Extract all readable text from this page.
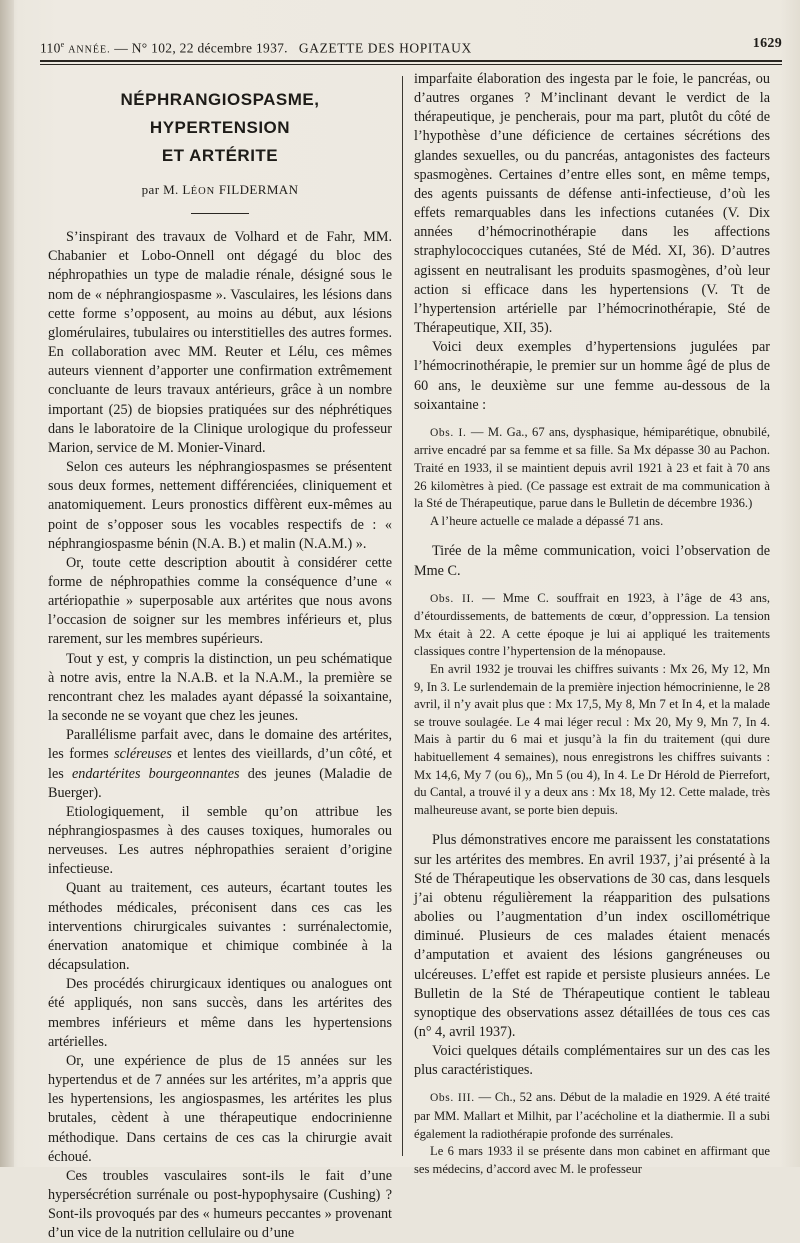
110e ANNÉE. — N° 102, 22 décembre 1937. GAZETTE DES HOPITAUX	1629
NÉPHRANGIOSPASME, HYPERTENSION
ET ARTÉRITE
par M. LÉON FILDERMAN

S’inspirant des travaux de Volhard et de Fahr, MM. Chabanier et Lobo-Onnell ont dégagé du bloc des néphropathies un type de maladie rénale, désigné sous le nom de « néphrangiospasme ». Vasculaires, les lésions dans cette forme s’opposent, au moins au début, aux lésions glomérulaires, tubulaires ou interstitielles des autres formes. En collaboration avec MM. Reuter et Lélu, ces mêmes auteurs viennent d’apporter une confirmation extrêmement concluante de leurs travaux antérieurs, grâce à un nombre important (25) de biopsies pratiquées sur des néphrétiques dans le laboratoire de la Clinique urologique du professeur Marion, service de M. Monier-Vinard.

Selon ces auteurs les néphrangiospasmes se présentent sous deux formes, nettement différenciées, cliniquement et anatomiquement. Leurs pronostics diffèrent eux-mêmes au point de s’opposer sous les vocables respectifs de : « néphrangiospasme bénin (N.A. B.) et malin (N.A.M.) ».

Or, toute cette description aboutit à considérer cette forme de néphropathies comme la conséquence d’une « artériopathie » superposable aux artérites que nous avons l’occasion de soigner sur les membres inférieurs et, plus rarement, sur les membres supérieurs.

Tout y est, y compris la distinction, un peu schématique à notre avis, entre la N.A.B. et la N.A.M., la première se rencontrant chez les malades ayant dépassé la soixantaine, la seconde ne se voyant que chez les jeunes.

Parallélisme parfait avec, dans le domaine des artérites, les formes scléreuses et lentes des vieillards, d’un côté, et les endartérites bourgeonnantes des jeunes (Maladie de Buerger).

Etiologiquement, il semble qu’on attribue les néphrangiospasmes à des causes toxiques, humorales ou nerveuses. Les autres néphropathies seraient d’origine infectieuse.

Quant au traitement, ces auteurs, écartant toutes les méthodes médicales, préconisent dans ces cas les interventions chirurgicales suivantes : surrénalectomie, énervation anatomique et chimique combinée à la décapsulation.

Des procédés chirurgicaux identiques ou analogues ont été appliqués, non sans succès, dans les artérites des membres inférieurs et même dans les hypertensions artérielles.

Or, une expérience de plus de 15 années sur les hypertendus et de 7 années sur les artérites, m’a appris que les hypertensions, les angiospasmes, les artérites les plus brutales, cèdent à une thérapeutique endocrinienne méthodique. Dans certains de ces cas la chirurgie avait échoué.

Ces troubles vasculaires sont-ils le fait d’une hypersécrétion surrénale ou post-hypophysaire (Cushing) ? Sont-ils provoqués par des « humeurs peccantes » provenant d’un vice de la nutrition cellulaire ou d’une

imparfaite élaboration des ingesta par le foie, le pancréas, ou d’autres organes ? M’inclinant devant le verdict de la thérapeutique, je pencherais, pour ma part, plutôt du côté de l’hypothèse d’une déficience de certaines sécrétions des glandes sexuelles, ou du pancréas, antagonistes des facteurs spasmogènes. Certaines d’entre elles sont, en même temps, des agents puissants de défense anti-infectieuse, d’où les effets remarquables dans les infections cutanées (V. Dix années d’hémocrinothérapie dans les affections straphylococciques cutanées, Sté de Méd. XI, 36). D’autres agissent en neutralisant les produits spasmogènes, d’où leur action si efficace dans les hypertensions (V. Tt de l’hypertension artérielle par l’hémocrinothérapie, Sté de Thérapeutique, XII, 35).

Voici deux exemples d’hypertensions jugulées par l’hémocrinothérapie, le premier sur un homme âgé de plus de 60 ans, le deuxième sur une femme au-dessous de la soixantaine :

Obs. I. — M. Ga., 67 ans, dysphasique, hémiparétique, obnubilé, arrive encadré par sa femme et sa fille. Sa Mx dépasse 30 au Pachon. Traité en 1933, il se maintient depuis avril 1921 à 23 et fait à 70 ans 26 kilomètres à pied. (Ce passage est extrait de ma communication à la Sté de Thérapeutique, parue dans le Bulletin de décembre 1936.)

A l’heure actuelle ce malade a dépassé 71 ans.

Tirée de la même communication, voici l’observation de Mme C.

Obs. II. — Mme C. souffrait en 1923, à l’âge de 43 ans, d’étourdissements, de battements de cœur, d’oppression. La tension Mx était à 22. A cette époque je lui ai appliqué les traitements classiques contre l’hypertension de la ménopause.

En avril 1932 je trouvai les chiffres suivants : Mx 26, My 12, Mn 9, In 3. Le surlendemain de la première injection hémocrinienne, le 28 avril, il n’y avait plus que : Mx 17,5, My 8, Mn 7 et In 4, et la malade se trouve soulagée. Le 4 mai léger recul : Mx 20, My 9, Mn 7, In 4. Mais à partir du 6 mai et jusqu’à la fin du traitement (qui dure habituellement 4 semaines), nous enregistrons les chiffres suivants : Mx 14,6, My 7 (ou 6),, Mn 5 (ou 4), In 4. Le Dr Hérold de Pierrefort, du Cantal, a trouvé il y a deux ans : Mx 18, My 12. Cette malade, très malheureuse avant, se porte bien depuis.

Plus démonstratives encore me paraissent les constatations sur les artérites des membres. En avril 1937, j’ai présenté à la Sté de Thérapeutique les observations de 30 cas, dans lesquels j’ai obtenu régulièrement la réapparition des pulsations abolies ou l’augmentation d’un index oscillométrique diminué. Plusieurs de ces malades étaient menacés d’amputation et avaient des lésions gangréneuses ou ulcéreuses. L’effet est rapide et persiste plusieurs années. Le Bulletin de la Sté de Thérapeutique contient le tableau synoptique des observations assez détaillées de tous ces cas (n° 4, avril 1937).

Voici quelques détails complémentaires sur un des cas les plus caractéristiques.

Obs. III. — Ch., 52 ans. Début de la maladie en 1929. A été traité par MM. Mallart et Milhit, par l’acécholine et la diathermie. Il a subi également la radiothérapie profonde des surrénales.

Le 6 mars 1933 il se présente dans mon cabinet en affirmant que ses médecins, d’accord avec M. le professeur
